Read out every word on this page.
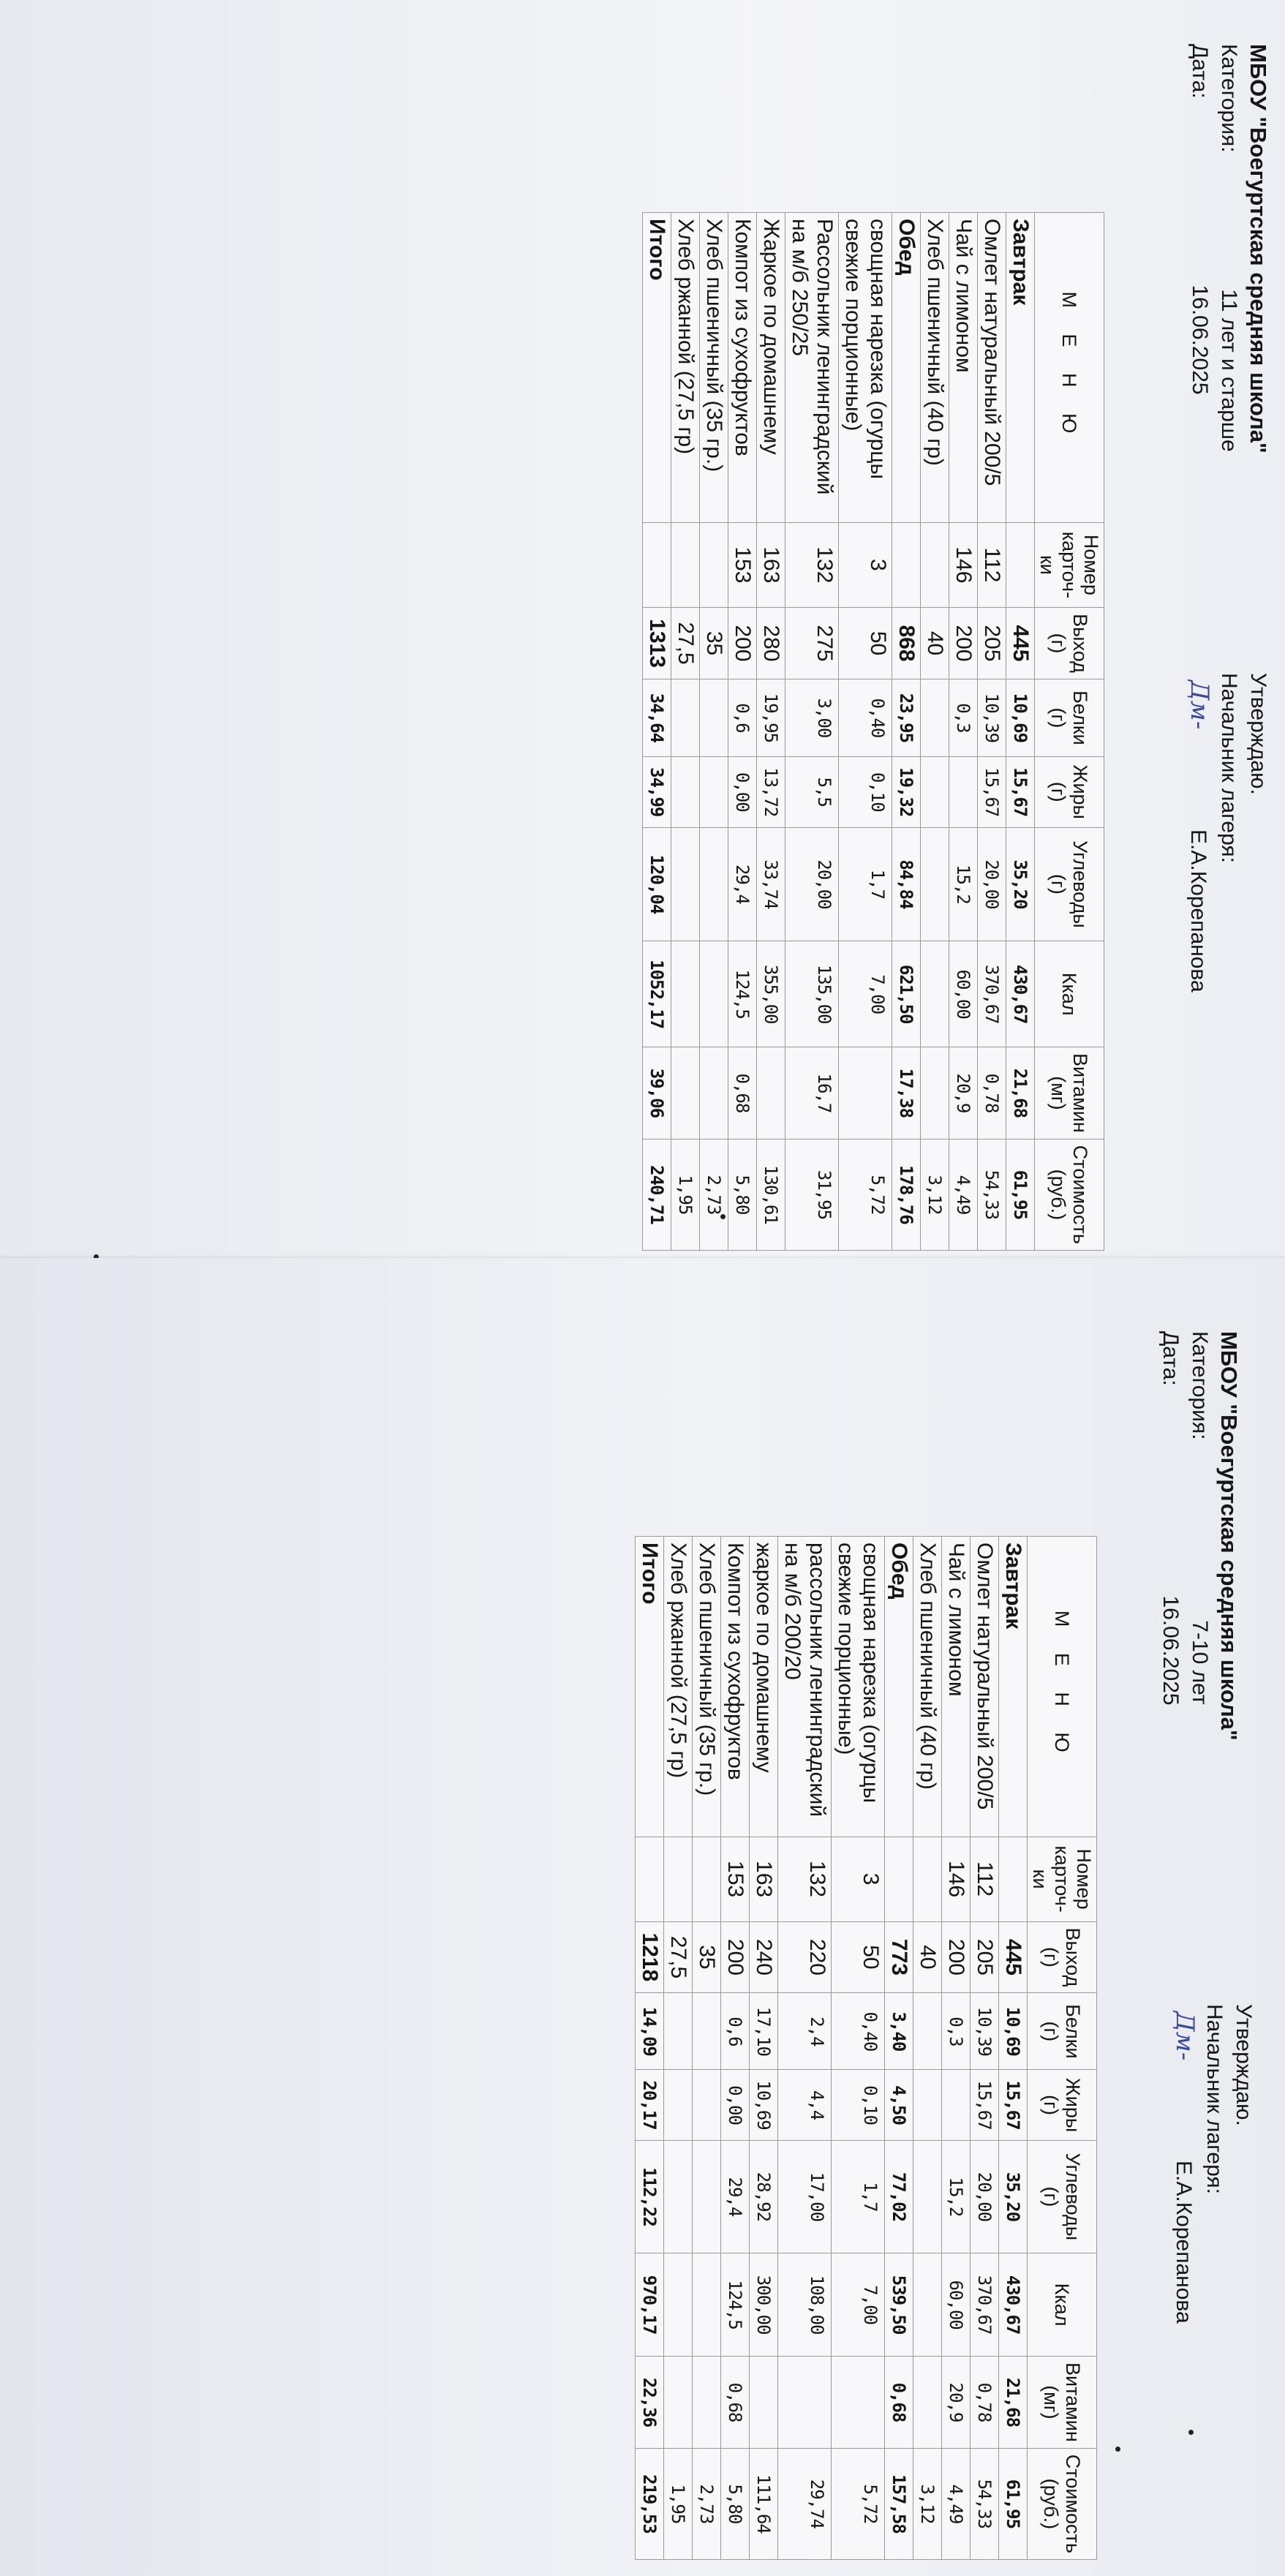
МБОУ "Воегуртская средняя школа"
Категория:  11 лет и старше
Дата:  16.06.2025
Утверждаю.
Начальник лагеря:
Дм-  Е.А.Корепанова
М Е Н Ю	Номер карточки	Выход (г)	Белки (г)	Жиры (г)	Углеводы (г)	Ккал	Витамин (мг)	Стоимость (руб.)
Завтрак		445	10,69	15,67	35,20	430,67	21,68	61,95
Омлет натуральный 200/5	112	205	10,39	15,67	20,00	370,67	0,78	54,33
Чай с лимоном	146	200	0,3		15,2	60,00	20,9	4,49
Хлеб пшеничный (40 гр)		40						3,12
Обед		868	23,95	19,32	84,84	621,50	17,38	178,76
свощная нарезка (огурцы свежие порционные)	3	50	0,40	0,10	1,7	7,00		5,72
Рассольник ленинградский на м/б 250/25	132	275	3,00	5,5	20,00	135,00	16,7	31,95
Жаркое по домашнему	163	280	19,95	13,72	33,74	355,00		130,61
Компот из сухофруктов	153	200	0,6	0,00	29,4	124,5	0,68	5,80
Хлеб пшеничный (35 гр.)		35						2,73
Хлеб ржанной (27,5 гр)		27,5						1,95
Итого		1313	34,64	34,99	120,04	1052,17	39,06	240,71
МБОУ "Воегуртская средняя школа"
Категория:  7-10 лет
Дата:  16.06.2025
Утверждаю.
Начальник лагеря:
Дм-  Е.А.Корепанова
М Е Н Ю	Номер карточки	Выход (г)	Белки (г)	Жиры (г)	Углеводы (г)	Ккал	Витамин (мг)	Стоимость (руб.)
Завтрак		445	10,69	15,67	35,20	430,67	21,68	61,95
Омлет натуральный 200/5	112	205	10,39	15,67	20,00	370,67	0,78	54,33
Чай с лимоном	146	200	0,3		15,2	60,00	20,9	4,49
Хлеб пшеничный (40 гр)		40						3,12
Обед		773	3,40	4,50	77,02	539,50	0,68	157,58
свощная нарезка (огурцы свежие порционные)	3	50	0,40	0,10	1,7	7,00		5,72
рассольник ленинградский на м/б 200/20	132	220	2,4	4,4	17,00	108,00		29,74
жаркое по домашнему	163	240	17,10	10,69	28,92	300,00		111,64
Компот из сухофруктов	153	200	0,6	0,00	29,4	124,5	0,68	5,80
Хлеб пшеничный (35 гр.)		35						2,73
Хлеб ржанной (27,5 гр)		27,5						1,95
Итого		1218	14,09	20,17	112,22	970,17	22,36	219,53
